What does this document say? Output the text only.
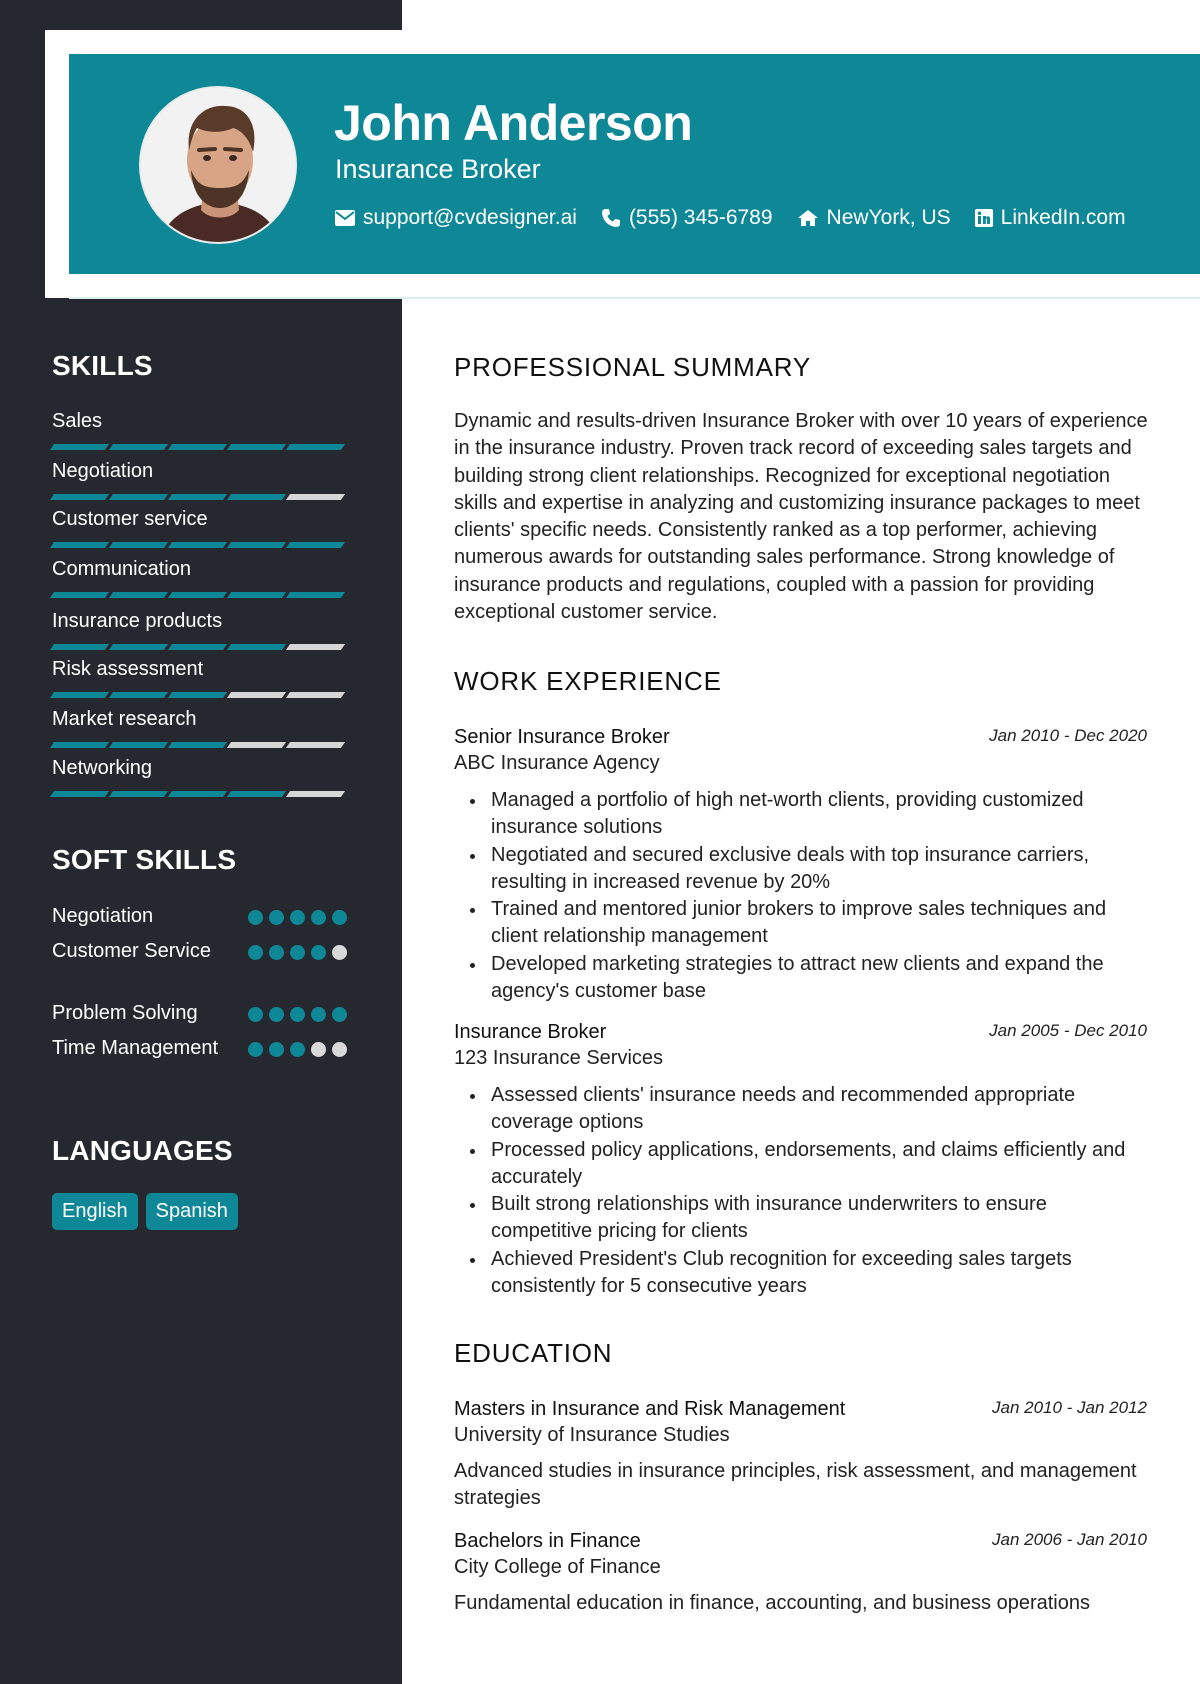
John Anderson
Insurance Broker
support@cvdesigner.ai (555) 345-6789	NewYork, US LinkedIn.com
SKILLS
Sales
Negotiation
Customer service
Communication
Insurance products
Risk assessment
Market research
Networking
SOFT SKILLS
Negotiation
Customer Service
Problem Solving
Time Management
LANGUAGES
English	Spanish
PROFESSIONAL SUMMARY
Dynamic and results-driven Insurance Broker with over 10 years of experience in the insurance industry. Proven track record of exceeding sales targets and building strong client relationships. Recognized for exceptional negotiation skills and expertise in analyzing and customizing insurance packages to meet clients' specific needs. Consistently ranked as a top performer, achieving numerous awards for outstanding sales performance. Strong knowledge of insurance products and regulations, coupled with a passion for providing exceptional customer service.
WORK EXPERIENCE
Senior Insurance Broker	Jan 2010 - Dec 2020
ABC Insurance Agency
Managed a portfolio of high net-worth clients, providing customized insurance solutions
Negotiated and secured exclusive deals with top insurance carriers, resulting in increased revenue by 20%
Trained and mentored junior brokers to improve sales techniques and client relationship management
Developed marketing strategies to attract new clients and expand the agency's customer base
Insurance Broker	Jan 2005 - Dec 2010
123 Insurance Services
Assessed clients' insurance needs and recommended appropriate coverage options
Processed policy applications, endorsements, and claims efficiently and accurately
Built strong relationships with insurance underwriters to ensure competitive pricing for clients
Achieved President's Club recognition for exceeding sales targets consistently for 5 consecutive years
EDUCATION
Masters in Insurance and Risk Management	Jan 2010 - Jan 2012
University of Insurance Studies
Advanced studies in insurance principles, risk assessment, and management strategies
Bachelors in Finance	Jan 2006 - Jan 2010
City College of Finance
Fundamental education in finance, accounting, and business operations
